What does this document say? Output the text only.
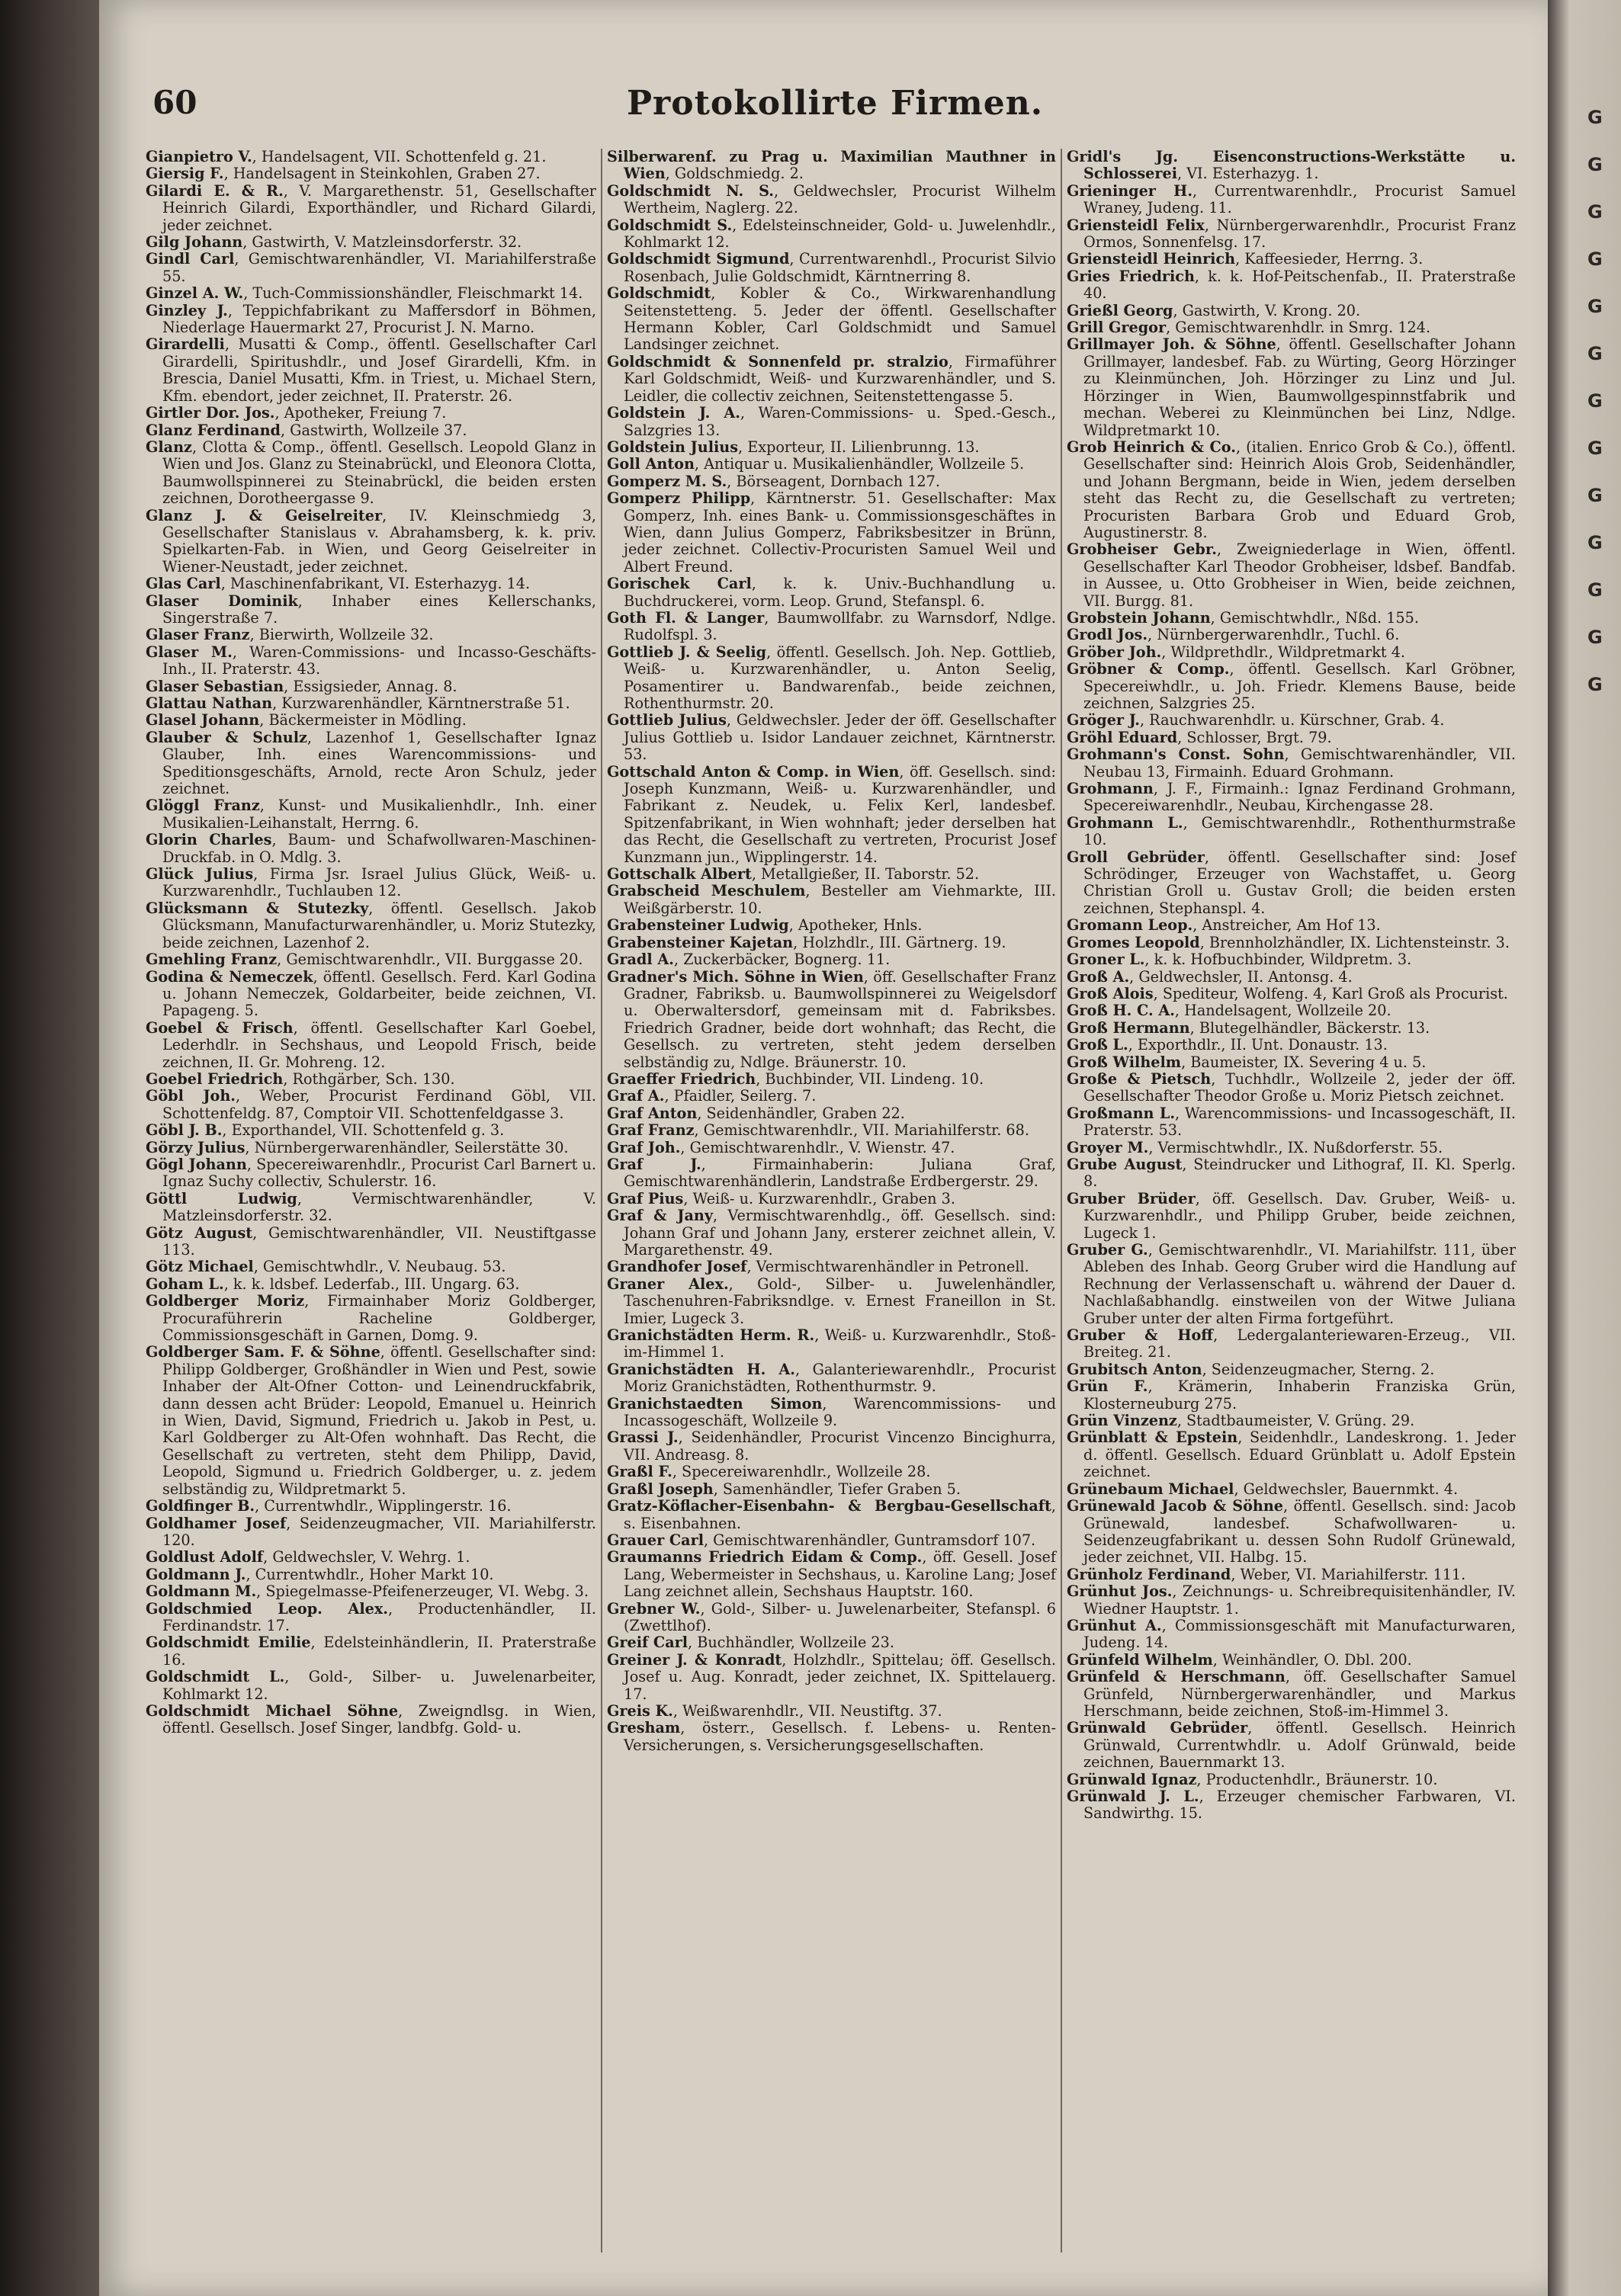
60	Protokollirte Firmen.
Gianpietro V., Handelsagent, VII. Schottenfeld g. 21.
Giersig F., Handelsagent in Steinkohlen, Graben 27.
Gilardi E. & R., V. Margarethenstr. 51, Gesellschafter Heinrich Gilardi, Exporthändler, und Richard Gilardi, jeder zeichnet.
Gilg Johann, Gastwirth, V. Matzleinsdorferstr. 32.
Gindl Carl, Gemischtwarenhändler, VI. Mariahilferstraße 55.
Ginzel A. W., Tuch-Commissionshändler, Fleischmarkt 14.
Ginzley J., Teppichfabrikant zu Maffersdorf in Böhmen, Niederlage Hauermarkt 27, Procurist J. N. Marno.
Girardelli, Musatti & Comp., öffentl. Gesellschafter Carl Girardelli, Spiritushdlr., und Josef Girardelli, Kfm. in Brescia, Daniel Musatti, Kfm. in Triest, u. Michael Stern, Kfm. ebendort, jeder zeichnet, II. Praterstr. 26.
Girtler Dor. Jos., Apotheker, Freiung 7.
Glanz Ferdinand, Gastwirth, Wollzeile 37.
Glanz, Clotta & Comp., öffentl. Gesellsch. Leopold Glanz in Wien und Jos. Glanz zu Steinabrückl, und Eleonora Clotta, Baumwollspinnerei zu Steinabrückl, die beiden ersten zeichnen, Dorotheergasse 9.
Glanz J. & Geiselreiter, IV. Kleinschmiedg 3, Gesellschafter Stanislaus v. Abrahamsberg, k. k. priv. Spielkarten-Fab. in Wien, und Georg Geiselreiter in Wiener-Neustadt, jeder zeichnet.
Glas Carl, Maschinenfabrikant, VI. Esterhazyg. 14.
Glaser Dominik, Inhaber eines Kellerschanks, Singerstraße 7.
Glaser Franz, Bierwirth, Wollzeile 32.
Glaser M., Waren-Commissions- und Incasso-Geschäfts-Inh., II. Praterstr. 43.
Glaser Sebastian, Essigsieder, Annag. 8.
Glattau Nathan, Kurzwarenhändler, Kärntnerstraße 51.
Glasel Johann, Bäckermeister in Mödling.
Glauber & Schulz, Lazenhof 1, Gesellschafter Ignaz Glauber, Inh. eines Warencommissions- und Speditionsgeschäfts, Arnold, recte Aron Schulz, jeder zeichnet.
Glöggl Franz, Kunst- und Musikalienhdlr., Inh. einer Musikalien-Leihanstalt, Herrng. 6.
Glorin Charles, Baum- und Schafwollwaren-Maschinen-Druckfab. in O. Mdlg. 3.
Glück Julius, Firma Jsr. Israel Julius Glück, Weiß- u. Kurzwarenhdlr., Tuchlauben 12.
Glücksmann & Stutezky, öffentl. Gesellsch. Jakob Glücksmann, Manufacturwarenhändler, u. Moriz Stutezky, beide zeichnen, Lazenhof 2.
Gmehling Franz, Gemischtwarenhdlr., VII. Burggasse 20.
Godina & Nemeczek, öffentl. Gesellsch. Ferd. Karl Godina u. Johann Nemeczek, Goldarbeiter, beide zeichnen, VI. Papageng. 5.
Goebel & Frisch, öffentl. Gesellschafter Karl Goebel, Lederhdlr. in Sechshaus, und Leopold Frisch, beide zeichnen, II. Gr. Mohreng. 12.
Goebel Friedrich, Rothgärber, Sch. 130.
Göbl Joh., Weber, Procurist Ferdinand Göbl, VII. Schottenfeldg. 87, Comptoir VII. Schottenfeldgasse 3.
Göbl J. B., Exporthandel, VII. Schottenfeld g. 3.
Görzy Julius, Nürnbergerwarenhändler, Seilerstätte 30.
Gögl Johann, Specereiwarenhdlr., Procurist Carl Barnert u. Ignaz Suchy collectiv, Schulerstr. 16.
Göttl Ludwig, Vermischtwarenhändler, V. Matzleinsdorferstr. 32.
Götz August, Gemischtwarenhändler, VII. Neustiftgasse 113.
Götz Michael, Gemischtwhdlr., V. Neubaug. 53.
Goham L., k. k. ldsbef. Lederfab., III. Ungarg. 63.
Goldberger Moriz, Firmainhaber Moriz Goldberger, Procuraführerin Racheline Goldberger, Commissionsgeschäft in Garnen, Domg. 9.
Goldberger Sam. F. & Söhne, öffentl. Gesellschafter sind: Philipp Goldberger, Großhändler in Wien und Pest, sowie Inhaber der Alt-Ofner Cotton- und Leinendruckfabrik, dann dessen acht Brüder: Leopold, Emanuel u. Heinrich in Wien, David, Sigmund, Friedrich u. Jakob in Pest, u. Karl Goldberger zu Alt-Ofen wohnhaft. Das Recht, die Gesellschaft zu vertreten, steht dem Philipp, David, Leopold, Sigmund u. Friedrich Goldberger, u. z. jedem selbständig zu, Wildpretmarkt 5.
Goldfinger B., Currentwhdlr., Wipplingerstr. 16.
Goldhamer Josef, Seidenzeugmacher, VII. Mariahilferstr. 120.
Goldlust Adolf, Geldwechsler, V. Wehrg. 1.
Goldmann J., Currentwhdlr., Hoher Markt 10.
Goldmann M., Spiegelmasse-Pfeifenerzeuger, VI. Webg. 3.
Goldschmied Leop. Alex., Productenhändler, II. Ferdinandstr. 17.
Goldschmidt Emilie, Edelsteinhändlerin, II. Praterstraße 16.
Goldschmidt L., Gold-, Silber- u. Juwelenarbeiter, Kohlmarkt 12.
Goldschmidt Michael Söhne, Zweigndlsg. in Wien, öffentl. Gesellsch. Josef Singer, landbfg. Gold- u.
Silberwarenf. zu Prag u. Maximilian Mauthner in Wien, Goldschmiedg. 2.
Goldschmidt N. S., Geldwechsler, Procurist Wilhelm Wertheim, Naglerg. 22.
Goldschmidt S., Edelsteinschneider, Gold- u. Juwelenhdlr., Kohlmarkt 12.
Goldschmidt Sigmund, Currentwarenhdl., Procurist Silvio Rosenbach, Julie Goldschmidt, Kärntnerring 8.
Goldschmidt, Kobler & Co., Wirkwarenhandlung Seitenstetteng. 5. Jeder der öffentl. Gesellschafter Hermann Kobler, Carl Goldschmidt und Samuel Landsinger zeichnet.
Goldschmidt & Sonnenfeld pr. stralzio, Firmaführer Karl Goldschmidt, Weiß- und Kurzwarenhändler, und S. Leidler, die collectiv zeichnen, Seitenstettengasse 5.
Goldstein J. A., Waren-Commissions- u. Sped.-Gesch., Salzgries 13.
Goldstein Julius, Exporteur, II. Lilienbrunng. 13.
Goll Anton, Antiquar u. Musikalienhändler, Wollzeile 5.
Gomperz M. S., Börseagent, Dornbach 127.
Gomperz Philipp, Kärntnerstr. 51. Gesellschafter: Max Gomperz, Inh. eines Bank- u. Commissionsgeschäftes in Wien, dann Julius Gomperz, Fabriksbesitzer in Brünn, jeder zeichnet. Collectiv-Procuristen Samuel Weil und Albert Freund.
Gorischek Carl, k. k. Univ.-Buchhandlung u. Buchdruckerei, vorm. Leop. Grund, Stefanspl. 6.
Goth Fl. & Langer, Baumwollfabr. zu Warnsdorf, Ndlge. Rudolfspl. 3.
Gottlieb J. & Seelig, öffentl. Gesellsch. Joh. Nep. Gottlieb, Weiß- u. Kurzwarenhändler, u. Anton Seelig, Posamentirer u. Bandwarenfab., beide zeichnen, Rothenthurmstr. 20.
Gottlieb Julius, Geldwechsler. Jeder der öff. Gesellschafter Julius Gottlieb u. Isidor Landauer zeichnet, Kärntnerstr. 53.
Gottschald Anton & Comp. in Wien, öff. Gesellsch. sind: Joseph Kunzmann, Weiß- u. Kurzwarenhändler, und Fabrikant z. Neudek, u. Felix Kerl, landesbef. Spitzenfabrikant, in Wien wohnhaft; jeder derselben hat das Recht, die Gesellschaft zu vertreten, Procurist Josef Kunzmann jun., Wipplingerstr. 14.
Gottschalk Albert, Metallgießer, II. Taborstr. 52.
Grabscheid Meschulem, Besteller am Viehmarkte, III. Weißgärberstr. 10.
Grabensteiner Ludwig, Apotheker, Hnls.
Grabensteiner Kajetan, Holzhdlr., III. Gärtnerg. 19.
Gradl A., Zuckerbäcker, Bognerg. 11.
Gradner's Mich. Söhne in Wien, öff. Gesellschafter Franz Gradner, Fabriksb. u. Baumwollspinnerei zu Weigelsdorf u. Oberwaltersdorf, gemeinsam mit d. Fabriksbes. Friedrich Gradner, beide dort wohnhaft; das Recht, die Gesellsch. zu vertreten, steht jedem derselben selbständig zu, Ndlge. Bräunerstr. 10.
Graeffer Friedrich, Buchbinder, VII. Lindeng. 10.
Graf A., Pfaidler, Seilerg. 7.
Graf Anton, Seidenhändler, Graben 22.
Graf Franz, Gemischtwarenhdlr., VII. Mariahilferstr. 68.
Graf Joh., Gemischtwarenhdlr., V. Wienstr. 47.
Graf J., Firmainhaberin: Juliana Graf, Gemischtwarenhändlerin, Landstraße Erdbergerstr. 29.
Graf Pius, Weiß- u. Kurzwarenhdlr., Graben 3.
Graf & Jany, Vermischtwarenhdlg., öff. Gesellsch. sind: Johann Graf und Johann Jany, ersterer zeichnet allein, V. Margarethenstr. 49.
Grandhofer Josef, Vermischtwarenhändler in Petronell.
Graner Alex., Gold-, Silber- u. Juwelenhändler, Taschenuhren-Fabriksndlge. v. Ernest Franeillon in St. Imier, Lugeck 3.
Granichstädten Herm. R., Weiß- u. Kurzwarenhdlr., Stoß-im-Himmel 1.
Granichstädten H. A., Galanteriewarenhdlr., Procurist Moriz Granichstädten, Rothenthurmstr. 9.
Granichstaedten Simon, Warencommissions- und Incassogeschäft, Wollzeile 9.
Grassi J., Seidenhändler, Procurist Vincenzo Bincighurra, VII. Andreasg. 8.
Graßl F., Specereiwarenhdlr., Wollzeile 28.
Graßl Joseph, Samenhändler, Tiefer Graben 5.
Gratz-Köflacher-Eisenbahn- & Bergbau-Gesellschaft, s. Eisenbahnen.
Grauer Carl, Gemischtwarenhändler, Guntramsdorf 107.
Graumanns Friedrich Eidam & Comp., öff. Gesell. Josef Lang, Webermeister in Sechshaus, u. Karoline Lang; Josef Lang zeichnet allein, Sechshaus Hauptstr. 160.
Grebner W., Gold-, Silber- u. Juwelenarbeiter, Stefanspl. 6 (Zwettlhof).
Greif Carl, Buchhändler, Wollzeile 23.
Greiner J. & Konradt, Holzhdlr., Spittelau; öff. Gesellsch. Josef u. Aug. Konradt, jeder zeichnet, IX. Spittelauerg. 17.
Greis K., Weißwarenhdlr., VII. Neustiftg. 37.
Gresham, österr., Gesellsch. f. Lebens- u. Renten-Versicherungen, s. Versicherungsgesellschaften.
Gridl's Jg. Eisenconstructions-Werkstätte u. Schlosserei, VI. Esterhazyg. 1.
Grieninger H., Currentwarenhdlr., Procurist Samuel Wraney, Judeng. 11.
Griensteidl Felix, Nürnbergerwarenhdlr., Procurist Franz Ormos, Sonnenfelsg. 17.
Griensteidl Heinrich, Kaffeesieder, Herrng. 3.
Gries Friedrich, k. k. Hof-Peitschenfab., II. Praterstraße 40.
Grießl Georg, Gastwirth, V. Krong. 20.
Grill Gregor, Gemischtwarenhdlr. in Smrg. 124.
Grillmayer Joh. & Söhne, öffentl. Gesellschafter Johann Grillmayer, landesbef. Fab. zu Würting, Georg Hörzinger zu Kleinmünchen, Joh. Hörzinger zu Linz und Jul. Hörzinger in Wien, Baumwollgespinnstfabrik und mechan. Weberei zu Kleinmünchen bei Linz, Ndlge. Wildpretmarkt 10.
Grob Heinrich & Co., (italien. Enrico Grob & Co.), öffentl. Gesellschafter sind: Heinrich Alois Grob, Seidenhändler, und Johann Bergmann, beide in Wien, jedem derselben steht das Recht zu, die Gesellschaft zu vertreten; Procuristen Barbara Grob und Eduard Grob, Augustinerstr. 8.
Grobheiser Gebr., Zweigniederlage in Wien, öffentl. Gesellschafter Karl Theodor Grobheiser, ldsbef. Bandfab. in Aussee, u. Otto Grobheiser in Wien, beide zeichnen, VII. Burgg. 81.
Grobstein Johann, Gemischtwhdlr., Nßd. 155.
Grodl Jos., Nürnbergerwarenhdlr., Tuchl. 6.
Gröber Joh., Wildprethdlr., Wildpretmarkt 4.
Gröbner & Comp., öffentl. Gesellsch. Karl Gröbner, Specereiwhdlr., u. Joh. Friedr. Klemens Bause, beide zeichnen, Salzgries 25.
Gröger J., Rauchwarenhdlr. u. Kürschner, Grab. 4.
Gröhl Eduard, Schlosser, Brgt. 79.
Grohmann's Const. Sohn, Gemischtwarenhändler, VII. Neubau 13, Firmainh. Eduard Grohmann.
Grohmann, J. F., Firmainh.: Ignaz Ferdinand Grohmann, Specereiwarenhdlr., Neubau, Kirchengasse 28.
Grohmann L., Gemischtwarenhdlr., Rothenthurmstraße 10.
Groll Gebrüder, öffentl. Gesellschafter sind: Josef Schrödinger, Erzeuger von Wachstaffet, u. Georg Christian Groll u. Gustav Groll; die beiden ersten zeichnen, Stephanspl. 4.
Gromann Leop., Anstreicher, Am Hof 13.
Gromes Leopold, Brennholzhändler, IX. Lichtensteinstr. 3.
Groner L., k. k. Hofbuchbinder, Wildpretm. 3.
Groß A., Geldwechsler, II. Antonsg. 4.
Groß Alois, Spediteur, Wolfeng. 4, Karl Groß als Procurist.
Groß H. C. A., Handelsagent, Wollzeile 20.
Groß Hermann, Blutegelhändler, Bäckerstr. 13.
Groß L., Exporthdlr., II. Unt. Donaustr. 13.
Groß Wilhelm, Baumeister, IX. Severing 4 u. 5.
Große & Pietsch, Tuchhdlr., Wollzeile 2, jeder der öff. Gesellschafter Theodor Große u. Moriz Pietsch zeichnet.
Großmann L., Warencommissions- und Incassogeschäft, II. Praterstr. 53.
Groyer M., Vermischtwhdlr., IX. Nußdorferstr. 55.
Grube August, Steindrucker und Lithograf, II. Kl. Sperlg. 8.
Gruber Brüder, öff. Gesellsch. Dav. Gruber, Weiß- u. Kurzwarenhdlr., und Philipp Gruber, beide zeichnen, Lugeck 1.
Gruber G., Gemischtwarenhdlr., VI. Mariahilfstr. 111, über Ableben des Inhab. Georg Gruber wird die Handlung auf Rechnung der Verlassenschaft u. während der Dauer d. Nachlaßabhandlg. einstweilen von der Witwe Juliana Gruber unter der alten Firma fortgeführt.
Gruber & Hoff, Ledergalanteriewaren-Erzeug., VII. Breiteg. 21.
Grubitsch Anton, Seidenzeugmacher, Sterng. 2.
Grün F., Krämerin, Inhaberin Franziska Grün, Klosterneuburg 275.
Grün Vinzenz, Stadtbaumeister, V. Grüng. 29.
Grünblatt & Epstein, Seidenhdlr., Landeskrong. 1. Jeder d. öffentl. Gesellsch. Eduard Grünblatt u. Adolf Epstein zeichnet.
Grünebaum Michael, Geldwechsler, Bauernmkt. 4.
Grünewald Jacob & Söhne, öffentl. Gesellsch. sind: Jacob Grünewald, landesbef. Schafwollwaren- u. Seidenzeugfabrikant u. dessen Sohn Rudolf Grünewald, jeder zeichnet, VII. Halbg. 15.
Grünholz Ferdinand, Weber, VI. Mariahilferstr. 111.
Grünhut Jos., Zeichnungs- u. Schreibrequisitenhändler, IV. Wiedner Hauptstr. 1.
Grünhut A., Commissionsgeschäft mit Manufacturwaren, Judeng. 14.
Grünfeld Wilhelm, Weinhändler, O. Dbl. 200.
Grünfeld & Herschmann, öff. Gesellschafter Samuel Grünfeld, Nürnbergerwarenhändler, und Markus Herschmann, beide zeichnen, Stoß-im-Himmel 3.
Grünwald Gebrüder, öffentl. Gesellsch. Heinrich Grünwald, Currentwhdlr. u. Adolf Grünwald, beide zeichnen, Bauernmarkt 13.
Grünwald Ignaz, Productenhdlr., Bräunerstr. 10.
Grünwald J. L., Erzeuger chemischer Farbwaren, VI. Sandwirthg. 15.
G
G
G
G
G
G
G
G
G
G
G
G
G
